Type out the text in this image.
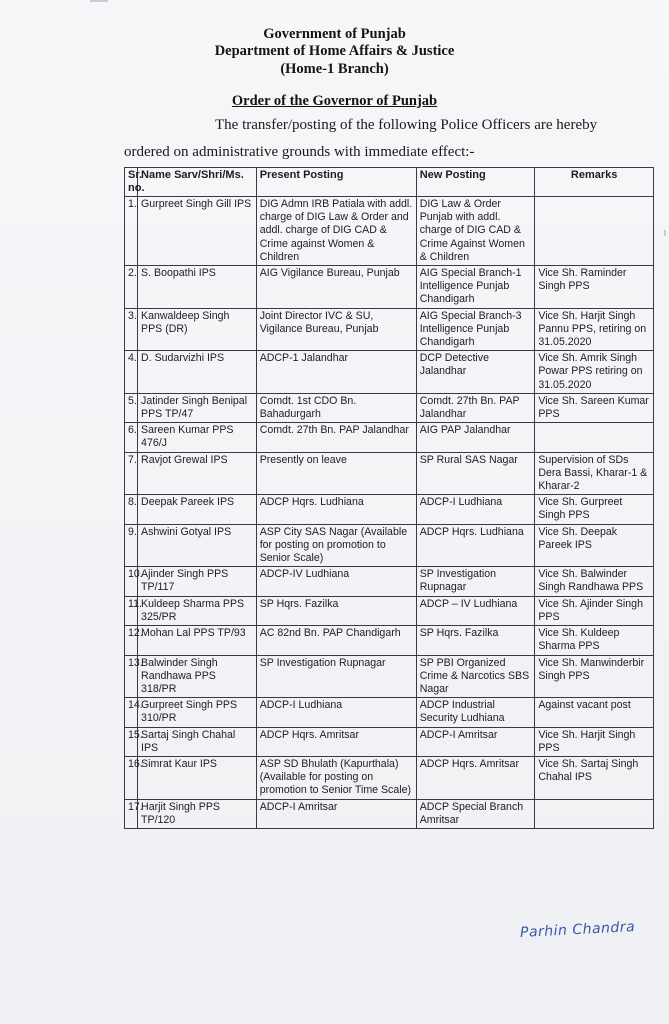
Government of Punjab
Department of Home Affairs & Justice
(Home-1 Branch)
Order of the Governor of Punjab
The transfer/posting of the following Police Officers are hereby
ordered on administrative grounds with immediate effect:-
Sr. no.	Name Sarv/Shri/Ms.	Present Posting	New Posting	Remarks
1.	Gurpreet Singh Gill IPS	DIG Admn IRB Patiala with addl. charge of DIG Law & Order and addl. charge of DIG CAD & Crime against Women & Children	DIG Law & Order Punjab with addl. charge of DIG CAD & Crime Against Women & Children	
2.	S. Boopathi IPS	AIG Vigilance Bureau, Punjab	AIG Special Branch-1 Intelligence Punjab Chandigarh	Vice Sh. Raminder Singh PPS
3.	Kanwaldeep Singh PPS (DR)	Joint Director IVC & SU, Vigilance Bureau, Punjab	AIG Special Branch-3 Intelligence Punjab Chandigarh	Vice Sh. Harjit Singh Pannu PPS, retiring on 31.05.2020
4.	D. Sudarvizhi IPS	ADCP-1 Jalandhar	DCP Detective Jalandhar	Vice Sh. Amrik Singh Powar PPS retiring on 31.05.2020
5.	Jatinder Singh Benipal PPS TP/47	Comdt. 1st CDO Bn. Bahadurgarh	Comdt. 27th Bn. PAP Jalandhar	Vice Sh. Sareen Kumar PPS
6.	Sareen Kumar PPS 476/J	Comdt. 27th Bn. PAP Jalandhar	AIG PAP Jalandhar	
7.	Ravjot Grewal IPS	Presently on leave	SP Rural SAS Nagar	Supervision of SDs Dera Bassi, Kharar-1 & Kharar-2
8.	Deepak Pareek IPS	ADCP Hqrs. Ludhiana	ADCP-I Ludhiana	Vice Sh. Gurpreet Singh PPS
9.	Ashwini Gotyal IPS	ASP City SAS Nagar (Available for posting on promotion to Senior Scale)	ADCP Hqrs. Ludhiana	Vice Sh. Deepak Pareek IPS
10.	Ajinder Singh PPS TP/117	ADCP-IV Ludhiana	SP Investigation Rupnagar	Vice Sh. Balwinder Singh Randhawa PPS
11.	Kuldeep Sharma PPS 325/PR	SP Hqrs. Fazilka	ADCP – IV Ludhiana	Vice Sh. Ajinder Singh PPS
12.	Mohan Lal PPS TP/93	AC 82nd Bn. PAP Chandigarh	SP Hqrs. Fazilka	Vice Sh. Kuldeep Sharma PPS
13.	Balwinder Singh Randhawa PPS 318/PR	SP Investigation Rupnagar	SP PBI Organized Crime & Narcotics SBS Nagar	Vice Sh. Manwinderbir Singh PPS
14.	Gurpreet Singh PPS 310/PR	ADCP-I Ludhiana	ADCP Industrial Security Ludhiana	Against vacant post
15.	Sartaj Singh Chahal IPS	ADCP Hqrs. Amritsar	ADCP-I Amritsar	Vice Sh. Harjit Singh PPS
16.	Simrat Kaur IPS	ASP SD Bhulath (Kapurthala) (Available for posting on promotion to Senior Time Scale)	ADCP Hqrs. Amritsar	Vice Sh. Sartaj Singh Chahal IPS
17.	Harjit Singh PPS TP/120	ADCP-I Amritsar	ADCP Special Branch Amritsar	
Parhin Chandra
